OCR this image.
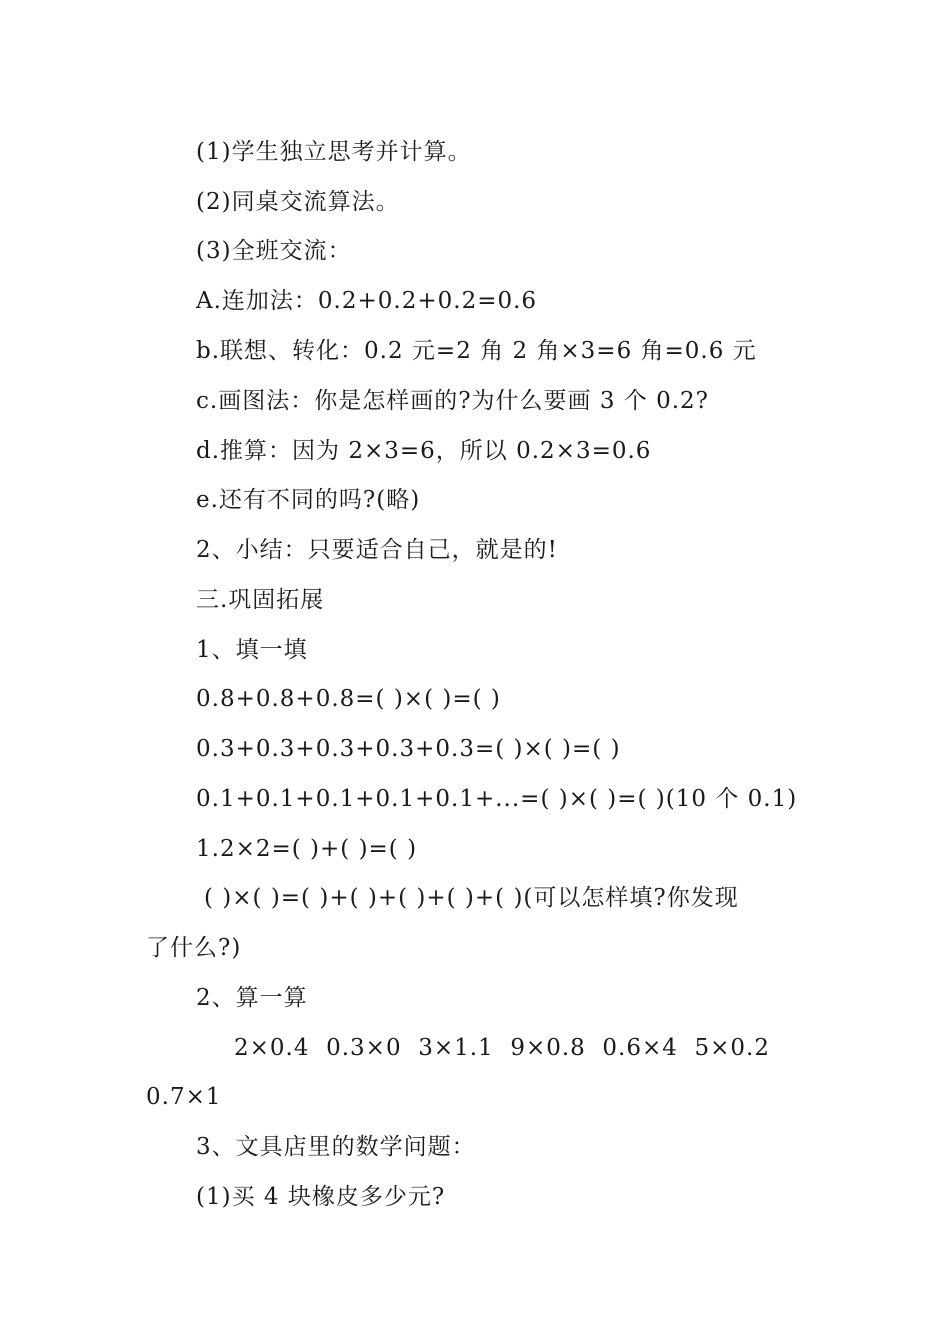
(1)学生独立思考并计算。
(2)同桌交流算法。
(3)全班交流：
A.连加法：0.2+0.2+0.2=0.6
b.联想、转化：0.2 元=2 角 2 角×3=6 角=0.6 元
c.画图法：你是怎样画的?为什么要画 3 个 0.2?
d.推算：因为 2×3=6，所以 0.2×3=0.6
e.还有不同的吗?(略)
2、小结：只要适合自己，就是的!
三.巩固拓展
1、填一填
0.8+0.8+0.8=( )×( )=( )
0.3+0.3+0.3+0.3+0.3=( )×( )=( )
0.1+0.1+0.1+0.1+0.1+...=( )×( )=( )(10 个 0.1)
1.2×2=( )+( )=( )
( )×( )=( )+( )+( )+( )+( )(可以怎样填?你发现
了什么?)
2、算一算
2×0.4  0.3×0  3×1.1  9×0.8  0.6×4  5×0.2
0.7×1
3、文具店里的数学问题：
(1)买 4 块橡皮多少元?
